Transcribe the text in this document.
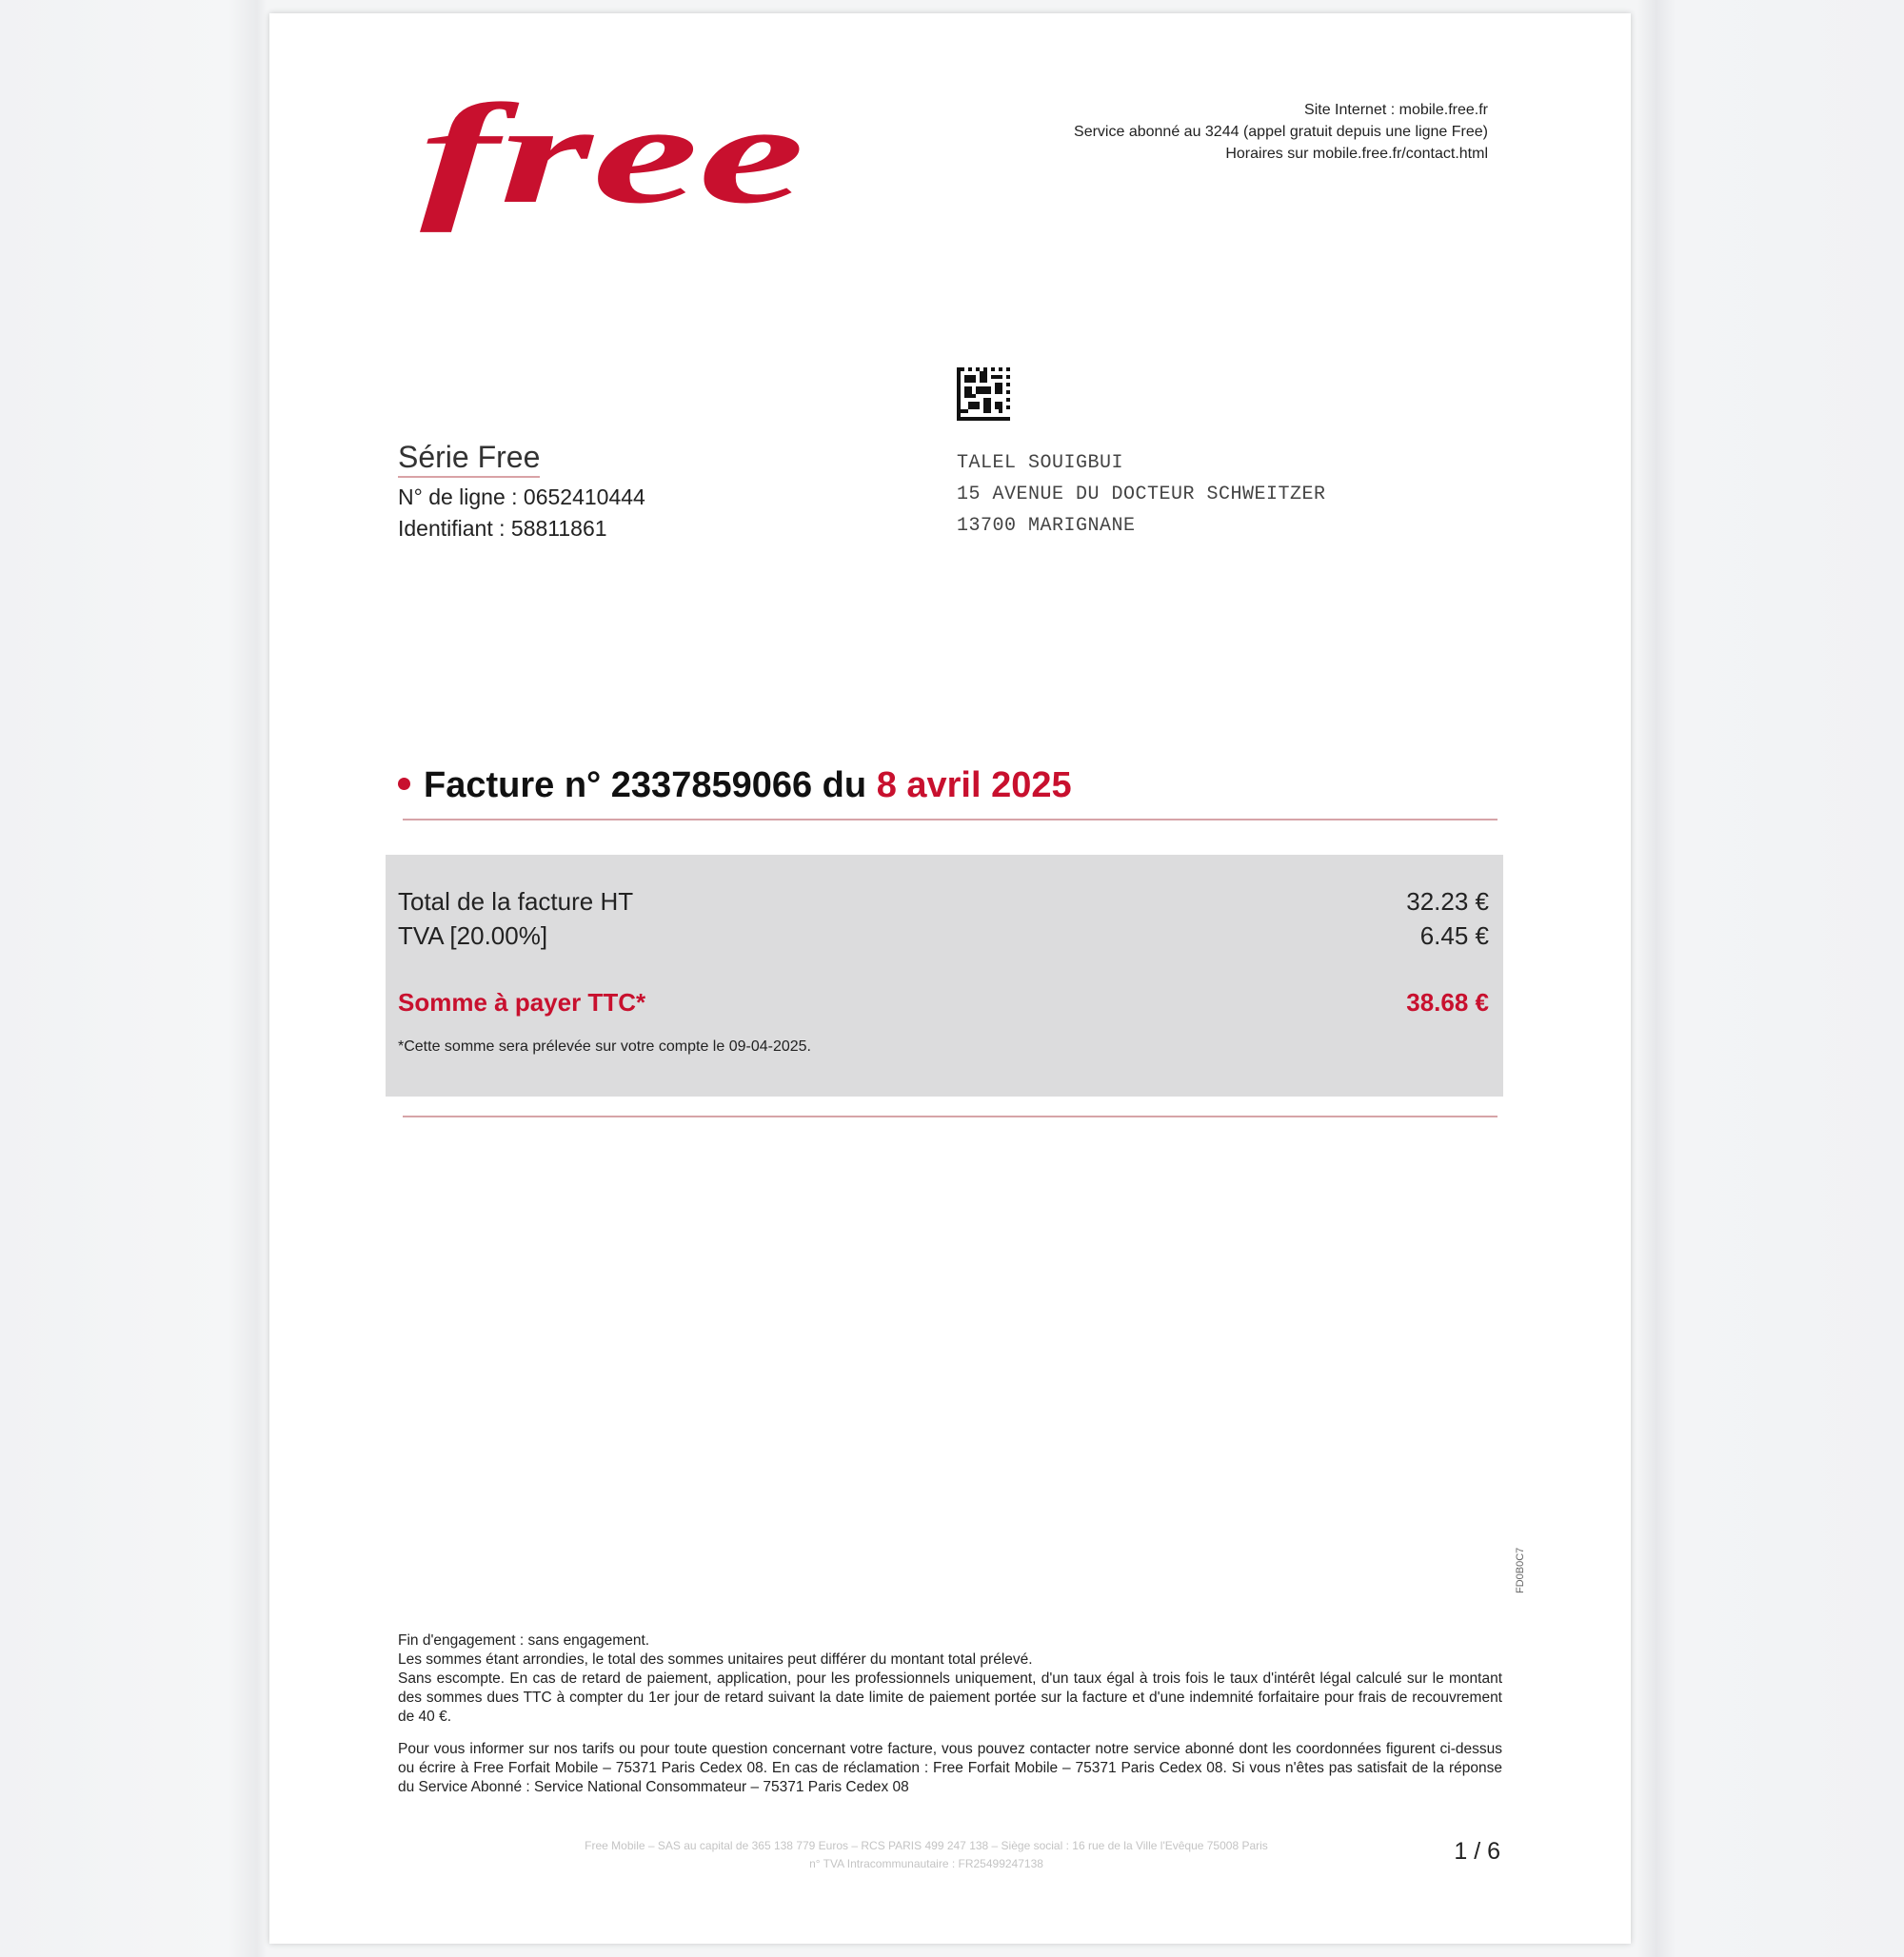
free	Site Internet : mobile.free.fr
Service abonné au 3244 (appel gratuit depuis une ligne Free)
Horaires sur mobile.free.fr/contact.html
Série Free
N° de ligne : 0652410444
Identifiant : 58811861
TALEL SOUIGBUI
15 AVENUE DU DOCTEUR SCHWEITZER
13700 MARIGNANE
Facture n° 2337859066 du 8 avril 2025
Total de la facture HT	32.23 €
TVA [20.00%]	6.45 €
Somme à payer TTC*	38.68 €
*Cette somme sera prélevée sur votre compte le 09-04-2025.
FD0B0C7

Fin d'engagement : sans engagement.
Les sommes étant arrondies, le total des sommes unitaires peut différer du montant total prélevé.
Sans escompte. En cas de retard de paiement, application, pour les professionnels uniquement, d'un taux égal à trois fois le taux d'intérêt légal calculé sur le montant des sommes dues TTC à compter du 1er jour de retard suivant la date limite de paiement portée sur la facture et d'une indemnité forfaitaire pour frais de recouvrement de 40 €.

Pour vous informer sur nos tarifs ou pour toute question concernant votre facture, vous pouvez contacter notre service abonné dont les coordonnées figurent ci-dessus ou écrire à Free Forfait Mobile – 75371 Paris Cedex 08. En cas de réclamation : Free Forfait Mobile – 75371 Paris Cedex 08. Si vous n'êtes pas satisfait de la réponse du Service Abonné : Service National Consommateur – 75371 Paris Cedex 08

Free Mobile – SAS au capital de 365 138 779 Euros – RCS PARIS 499 247 138 – Siège social : 16 rue de la Ville l'Evêque 75008 Paris
n° TVA Intracommunautaire : FR25499247138	1 / 6
